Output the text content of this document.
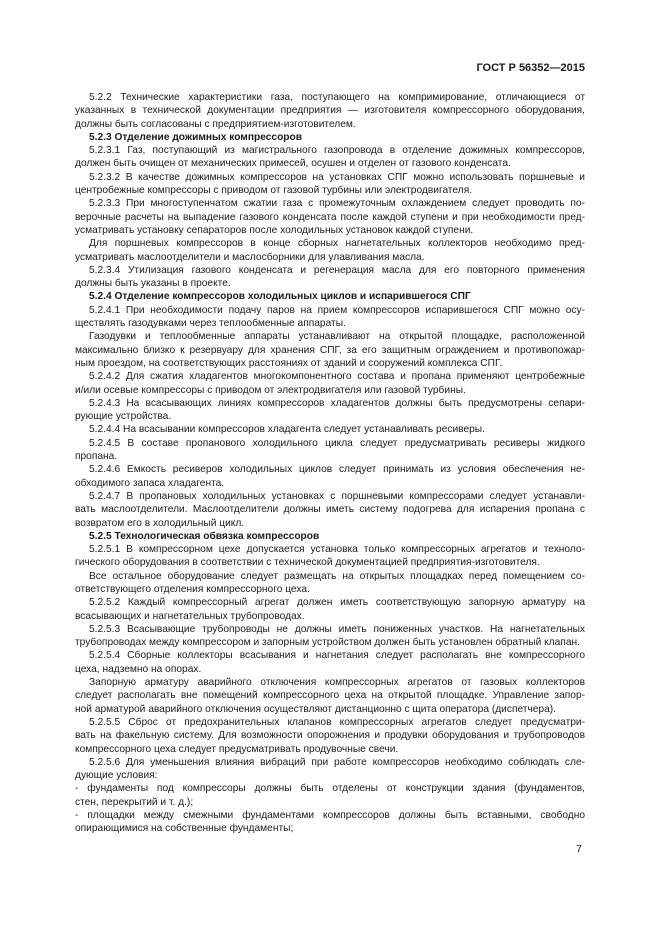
ГОСТ Р 56352—2015
5.2.2 Технические характеристики газа, поступающего на компримирование, отличающиеся от
указанных в технической документации предприятия — изготовителя компрессорного оборудования,
должны быть согласованы с предприятием-изготовителем.
5.2.3 Отделение дожимных компрессоров
5.2.3.1 Газ, поступающий из магистрального газопровода в отделение дожимных компрессоров,
должен быть очищен от механических примесей, осушен и отделен от газового конденсата.
5.2.3.2 В качестве дожимных компрессоров на установках СПГ можно использовать поршневые и
центробежные компрессоры с приводом от газовой турбины или электродвигателя.
5.2.3.3 При многоступенчатом сжатии газа с промежуточным охлаждением следует проводить по-
верочные расчеты на выпадение газового конденсата после каждой ступени и при необходимости пред-
усматривать установку сепараторов после холодильных установок каждой ступени.
Для поршневых компрессоров в конце сборных нагнетательных коллекторов необходимо пред-
усматривать маслоотделители и маслосборники для улавливания масла.
5.2.3.4 Утилизация газового конденсата и регенерация масла для его повторного применения
должны быть указаны в проекте.
5.2.4 Отделение компрессоров холодильных циклов и испарившегося СПГ
5.2.4.1 При необходимости подачу паров на прием компрессоров испарившегося СПГ можно осу-
ществлять газодувками через теплообменные аппараты.
Газодувки и теплообменные аппараты устанавливают на открытой площадке, расположенной
максимально близко к резервуару для хранения СПГ, за его защитным ограждением и противопожар-
ным проездом, на соответствующих расстояниях от зданий и сооружений комплекса СПГ.
5.2.4.2 Для сжатия хладагентов многокомпонентного состава и пропана применяют центробежные
и/или осевые компрессоры с приводом от электродвигателя или газовой турбины.
5.2.4.3 На всасывающих линиях компрессоров хладагентов должны быть предусмотрены сепари-
рующие устройства.
5.2.4.4 На всасывании компрессоров хладагента следует устанавливать ресиверы.
5.2.4.5 В составе пропанового холодильного цикла следует предусматривать ресиверы жидкого
пропана.
5.2.4.6 Емкость ресиверов холодильных циклов следует принимать из условия обеспечения не-
обходимого запаса хладагента.
5.2.4.7 В пропановых холодильных установках с поршневыми компрессорами следует устанавли-
вать маслоотделители. Маслоотделители должны иметь систему подогрева для испарения пропана с
возвратом его в холодильный цикл.
5.2.5 Технологическая обвязка компрессоров
5.2.5.1 В компрессорном цехе допускается установка только компрессорных агрегатов и техноло-
гического оборудования в соответствии с технической документацией предприятия-изготовителя.
Все остальное оборудование следует размещать на открытых площадках перед помещением со-
ответствующего отделения компрессорного цеха.
5.2.5.2 Каждый компрессорный агрегат должен иметь соответствующую запорную арматуру на
всасывающих и нагнетательных трубопроводах.
5.2.5.3 Всасывающие трубопроводы не должны иметь пониженных участков. На нагнетательных
трубопроводах между компрессором и запорным устройством должен быть установлен обратный клапан.
5.2.5.4 Сборные коллекторы всасывания и нагнетания следует располагать вне компрессорного
цеха, надземно на опорах.
Запорную арматуру аварийного отключения компрессорных агрегатов от газовых коллекторов
следует располагать вне помещений компрессорного цеха на открытой площадке. Управление запор-
ной арматурой аварийного отключения осуществляют дистанционно с щита оператора (диспетчера).
5.2.5.5 Сброс от предохранительных клапанов компрессорных агрегатов следует предусматри-
вать на факельную систему. Для возможности опорожнения и продувки оборудования и трубопроводов
компрессорного цеха следует предусматривать продувочные свечи.
5.2.5.6 Для уменьшения влияния вибраций при работе компрессоров необходимо соблюдать сле-
дующие условия:
- фундаменты под компрессоры должны быть отделены от конструкции здания (фундаментов,
стен, перекрытий и т. д.);
- площадки между смежными фундаментами компрессоров должны быть вставными, свободно
опирающимися на собственные фундаменты;
7
